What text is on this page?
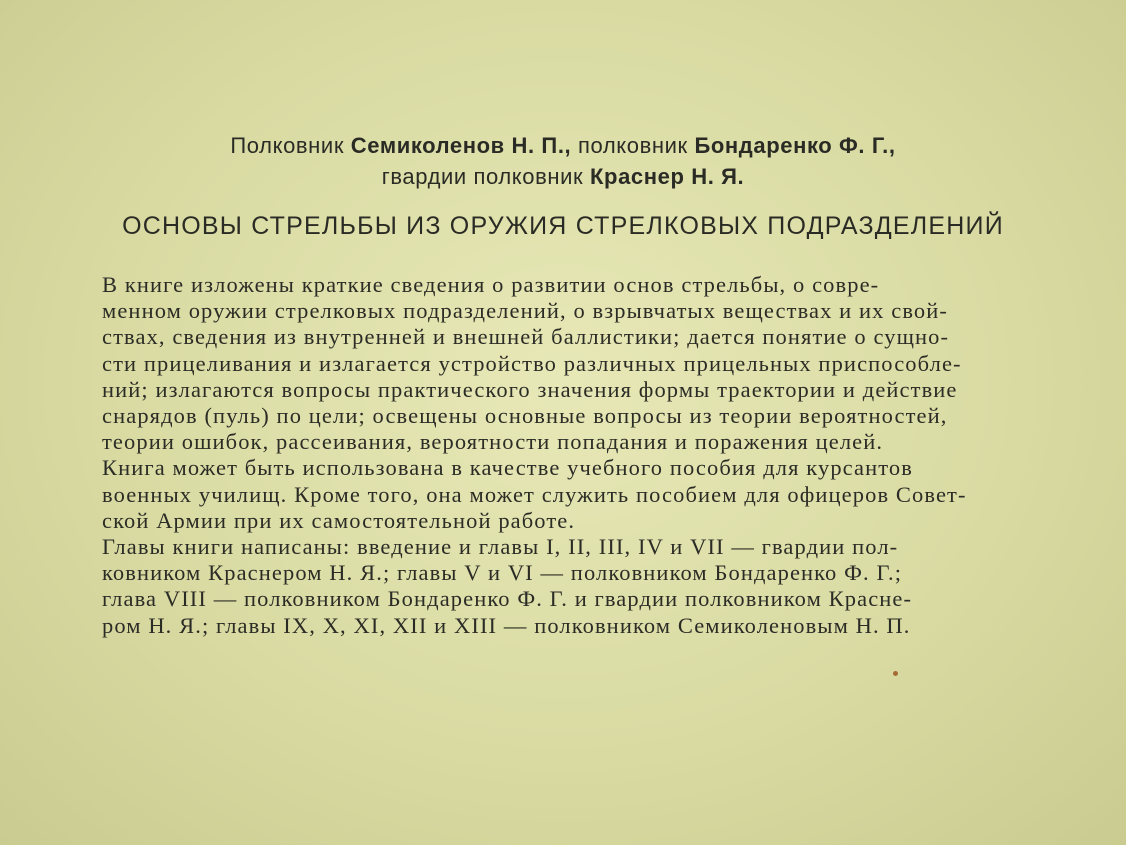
Полковник Семиколенов Н. П., полковник Бондаренко Ф. Г.,
гвардии полковник Краснер Н. Я.
ОСНОВЫ СТРЕЛЬБЫ ИЗ ОРУЖИЯ СТРЕЛКОВЫХ ПОДРАЗДЕЛЕНИЙ

В книге изложены краткие сведения о развитии основ стрельбы, о совре-
менном оружии стрелковых подразделений, о взрывчатых веществах и их свой-
ствах, сведения из внутренней и внешней баллистики; дается понятие о сущно-
сти прицеливания и излагается устройство различных прицельных приспособле-
ний; излагаются вопросы практического значения формы траектории и действие
снарядов (пуль) по цели; освещены основные вопросы из теории вероятностей,
теории ошибок, рассеивания, вероятности попадания и поражения целей.

Книга может быть использована в качестве учебного пособия для курсантов
военных училищ. Кроме того, она может служить пособием для офицеров Совет-
ской Армии при их самостоятельной работе.

Главы книги написаны: введение и главы I, II, III, IV и VII — гвардии пол-
ковником Краснером Н. Я.; главы V и VI — полковником Бондаренко Ф. Г.;
глава VIII — полковником Бондаренко Ф. Г. и гвардии полковником Красне-
ром Н. Я.; главы IX, X, XI, XII и XIII — полковником Семиколеновым Н. П.
